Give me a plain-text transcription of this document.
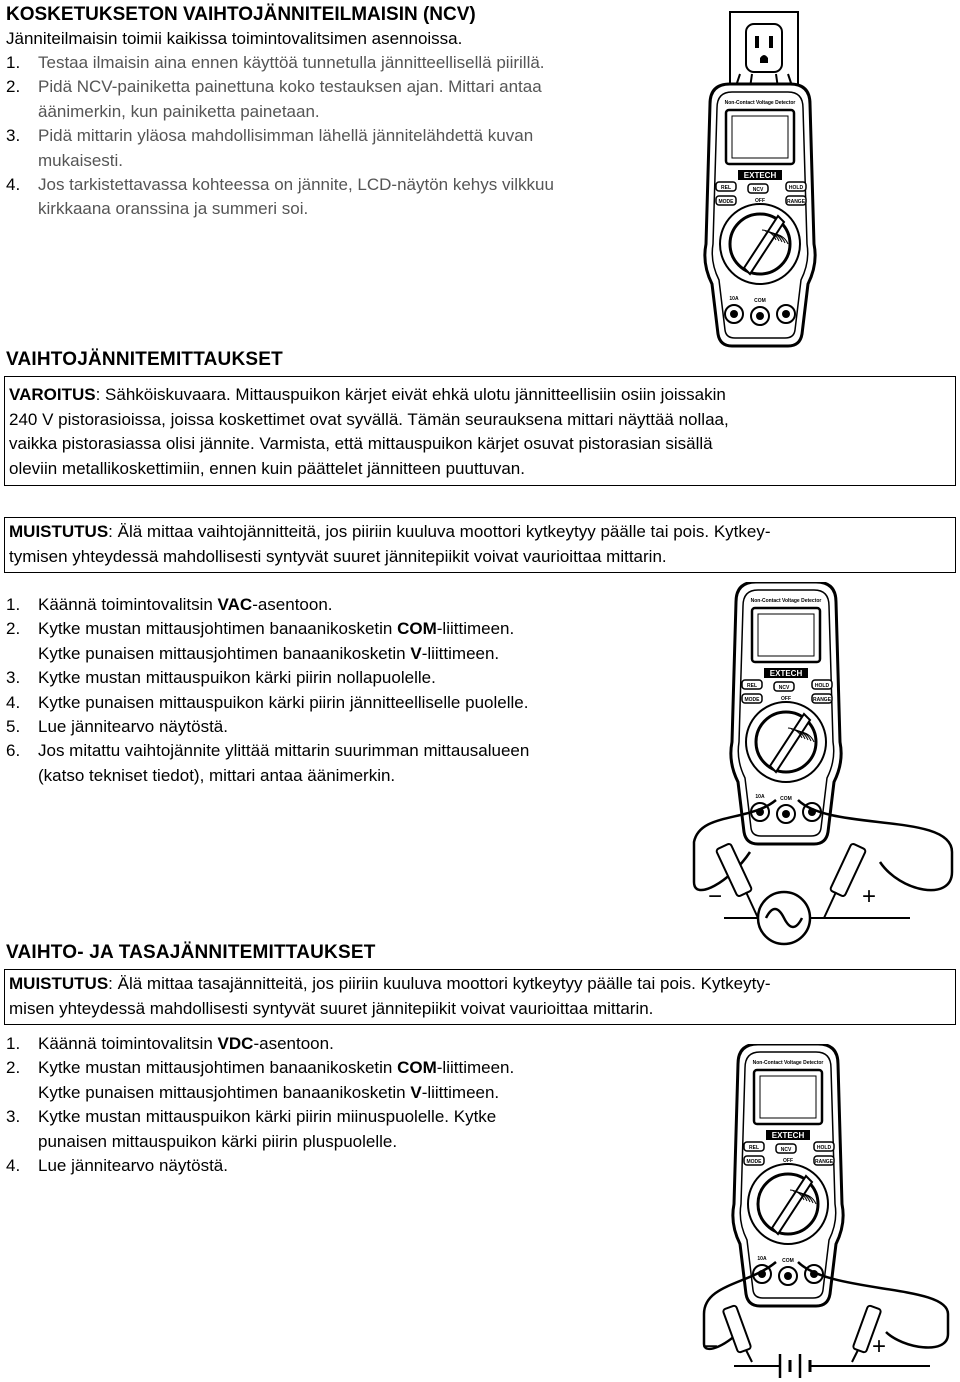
KOSKETUKSETON VAIHTOJÄNNITEILMAISIN (NCV)
Jänniteilmaisin toimii kaikissa toimintovalitsimen asennoissa.
1. Testaa ilmaisin aina ennen käyttöä tunnetulla jännitteellisellä piirillä.
2. Pidä NCV-painiketta painettuna koko testauksen ajan. Mittari antaa
äänimerkin, kun painiketta painetaan.
3. Pidä mittarin yläosa mahdollisimman lähellä jännitelähdettä kuvan
mukaisesti.
4. Jos tarkistettavassa kohteessa on jännite, LCD-näytön kehys vilkkuu
kirkkaana oranssina ja summeri soi.
VAIHTOJÄNNITEMITTAUKSET
VAROITUS: Sähköiskuvaara. Mittauspuikon kärjet eivät ehkä ulotu jännitteellisiin osiin joissakin
240 V pistorasioissa, joissa koskettimet ovat syvällä. Tämän seurauksena mittari näyttää nollaa,
vaikka pistorasiassa olisi jännite. Varmista, että mittauspuikon kärjet osuvat pistorasian sisällä
oleviin metallikoskettimiin, ennen kuin päättelet jännitteen puuttuvan.
MUISTUTUS: Älä mittaa vaihtojännitteitä, jos piiriin kuuluva moottori kytkeytyy päälle tai pois. Kytkey-
tymisen yhteydessä mahdollisesti syntyvät suuret jännitepiikit voivat vaurioittaa mittarin.
1. Käännä toimintovalitsin VAC-asentoon.
2. Kytke mustan mittausjohtimen banaanikosketin COM-liittimeen.
Kytke punaisen mittausjohtimen banaanikosketin V-liittimeen.
3. Kytke mustan mittauspuikon kärki piirin nollapuolelle.
4. Kytke punaisen mittauspuikon kärki piirin jännitteelliselle puolelle.
5. Lue jännitearvo näytöstä.
6. Jos mitattu vaihtojännite ylittää mittarin suurimman mittausalueen
(katso tekniset tiedot), mittari antaa äänimerkin.
VAIHTO- JA TASAJÄNNITEMITTAUKSET
MUISTUTUS: Älä mittaa tasajännitteitä, jos piiriin kuuluva moottori kytkeytyy päälle tai pois. Kytkeyty-
misen yhteydessä mahdollisesti syntyvät suuret jännitepiikit voivat vaurioittaa mittarin.
1. Käännä toimintovalitsin VDC-asentoon.
2. Kytke mustan mittausjohtimen banaanikosketin COM-liittimeen.
Kytke punaisen mittausjohtimen banaanikosketin V-liittimeen.
3. Kytke mustan mittauspuikon kärki piirin miinuspuolelle. Kytke
punaisen mittauspuikon kärki piirin pluspuolelle.
4. Lue jännitearvo näytöstä.
Non-Contact Voltage Detector
EXTECH
REL	HOLD
MODE	RANGE
NCV
OFF
COM
10A
Non-Contact Voltage Detector
EXTECH
REL	HOLD
MODE	RANGE
NCV
OFF
COM
10A
−	+
Non-Contact Voltage Detector
EXTECH
REL	HOLD
MODE	RANGE
NCV
OFF
COM
10A
−	+
